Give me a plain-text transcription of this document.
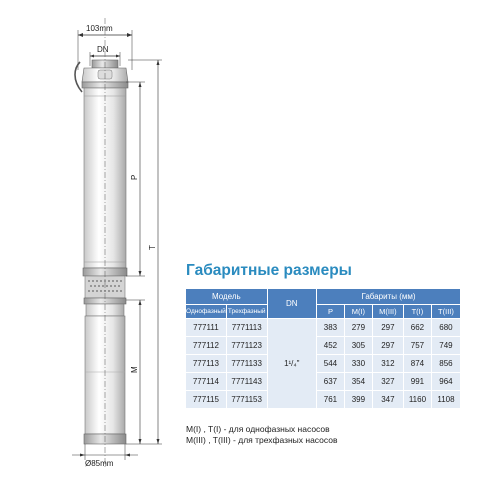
103mm
DN
P
T
M
Ø85mm
Габаритные размеры
Модель		DN	Габариты (мм)				
Однофазный	Трехфазный		P	M(I)	M(III)	T(I)	T(III)
777111	7771113	1¹/₄"	383	279	297	662	680
777112	7771123		452	305	297	757	749
777113	7771133		544	330	312	874	856
777114	7771143		637	354	327	991	964
777115	7771153		761	399	347	1160	1108
M(I) , T(I) - для однофазных насосов
M(III) , T(III) - для трехфазных насосов
